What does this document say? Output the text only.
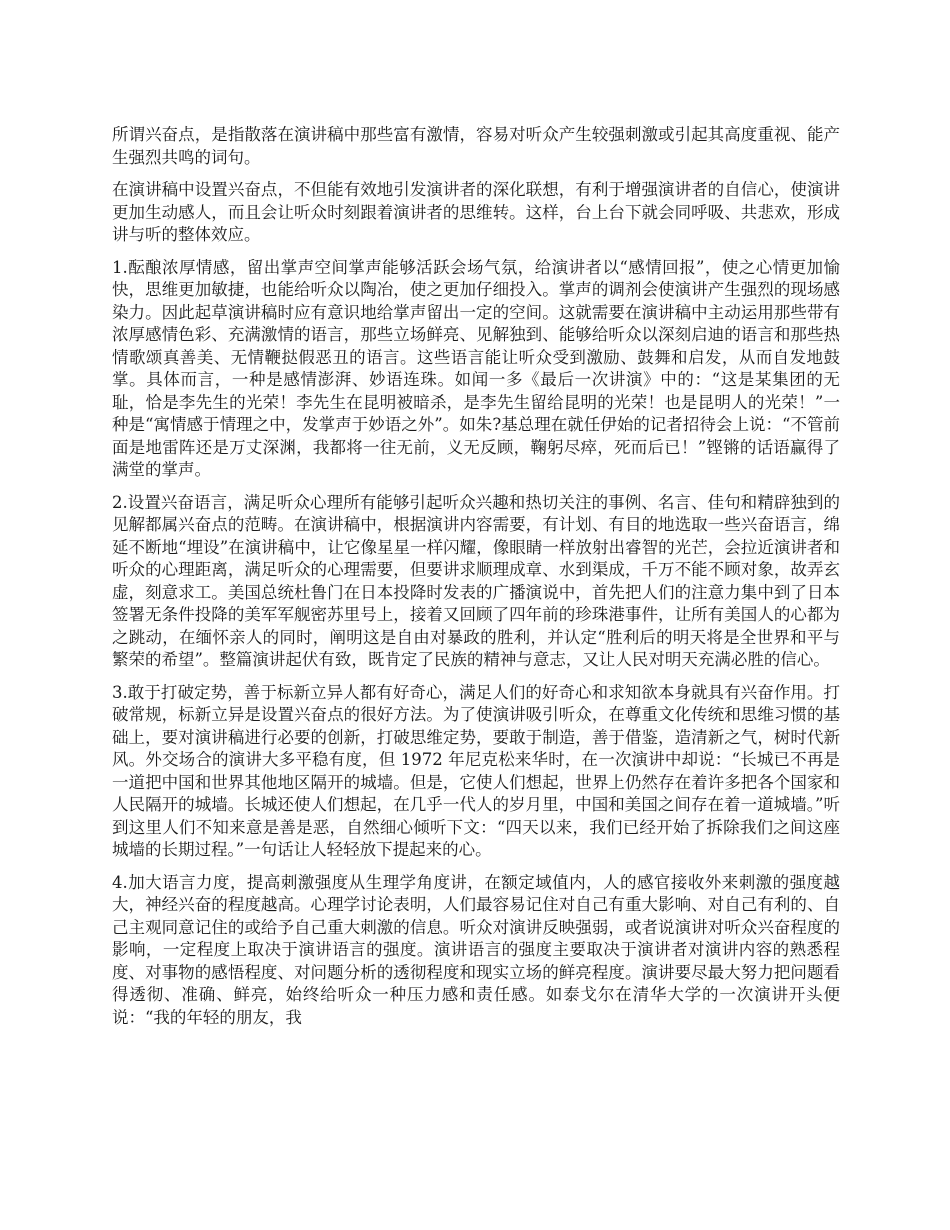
所谓兴奋点，是指散落在演讲稿中那些富有激情，容易对听众产生较强刺激或引起其高度重视、能产生强烈共鸣的词句。

在演讲稿中设置兴奋点，不但能有效地引发演讲者的深化联想，有利于增强演讲者的自信心，使演讲更加生动感人，而且会让听众时刻跟着演讲者的思维转。这样，台上台下就会同呼吸、共悲欢，形成讲与听的整体效应。

1.酝酿浓厚情感，留出掌声空间掌声能够活跃会场气氛，给演讲者以“感情回报”，使之心情更加愉快，思维更加敏捷，也能给听众以陶冶，使之更加仔细投入。掌声的调剂会使演讲产生强烈的现场感染力。因此起草演讲稿时应有意识地给掌声留出一定的空间。这就需要在演讲稿中主动运用那些带有浓厚感情色彩、充满激情的语言，那些立场鲜亮、见解独到、能够给听众以深刻启迪的语言和那些热情歌颂真善美、无情鞭挞假恶丑的语言。这些语言能让听众受到激励、鼓舞和启发，从而自发地鼓掌。具体而言，一种是感情澎湃、妙语连珠。如闻一多《最后一次讲演》中的：“这是某集团的无耻，恰是李先生的光荣！李先生在昆明被暗杀，是李先生留给昆明的光荣！也是昆明人的光荣！”一种是“寓情感于情理之中，发掌声于妙语之外”。如朱?基总理在就任伊始的记者招待会上说：“不管前面是地雷阵还是万丈深渊，我都将一往无前，义无反顾，鞠躬尽瘁，死而后已！”铿锵的话语赢得了满堂的掌声。

2.设置兴奋语言，满足听众心理所有能够引起听众兴趣和热切关注的事例、名言、佳句和精辟独到的见解都属兴奋点的范畴。在演讲稿中，根据演讲内容需要，有计划、有目的地选取一些兴奋语言，绵延不断地“埋设”在演讲稿中，让它像星星一样闪耀，像眼睛一样放射出睿智的光芒，会拉近演讲者和听众的心理距离，满足听众的心理需要，但要讲求顺理成章、水到渠成，千万不能不顾对象，故弄玄虚，刻意求工。美国总统杜鲁门在日本投降时发表的广播演说中，首先把人们的注意力集中到了日本签署无条件投降的美军军舰密苏里号上，接着又回顾了四年前的珍珠港事件，让所有美国人的心都为之跳动，在缅怀亲人的同时，阐明这是自由对暴政的胜利，并认定“胜利后的明天将是全世界和平与繁荣的希望”。整篇演讲起伏有致，既肯定了民族的精神与意志，又让人民对明天充满必胜的信心。

3.敢于打破定势，善于标新立异人都有好奇心，满足人们的好奇心和求知欲本身就具有兴奋作用。打破常规，标新立异是设置兴奋点的很好方法。为了使演讲吸引听众，在尊重文化传统和思维习惯的基础上，要对演讲稿进行必要的创新，打破思维定势，要敢于制造，善于借鉴，造清新之气，树时代新风。外交场合的演讲大多平稳有度，但 1972 年尼克松来华时，在一次演讲中却说：“长城已不再是一道把中国和世界其他地区隔开的城墙。但是，它使人们想起，世界上仍然存在着许多把各个国家和人民隔开的城墙。长城还使人们想起，在几乎一代人的岁月里，中国和美国之间存在着一道城墙。”听到这里人们不知来意是善是恶，自然细心倾听下文：“四天以来，我们已经开始了拆除我们之间这座城墙的长期过程。”一句话让人轻轻放下提起来的心。

4.加大语言力度，提高刺激强度从生理学角度讲，在额定域值内，人的感官接收外来刺激的强度越大，神经兴奋的程度越高。心理学讨论表明，人们最容易记住对自己有重大影响、对自己有利的、自己主观同意记住的或给予自己重大刺激的信息。听众对演讲反映强弱，或者说演讲对听众兴奋程度的影响，一定程度上取决于演讲语言的强度。演讲语言的强度主要取决于演讲者对演讲内容的熟悉程度、对事物的感悟程度、对问题分析的透彻程度和现实立场的鲜亮程度。演讲要尽最大努力把问题看得透彻、准确、鲜亮，始终给听众一种压力感和责任感。如泰戈尔在清华大学的一次演讲开头便说：“我的年轻的朋友，我
